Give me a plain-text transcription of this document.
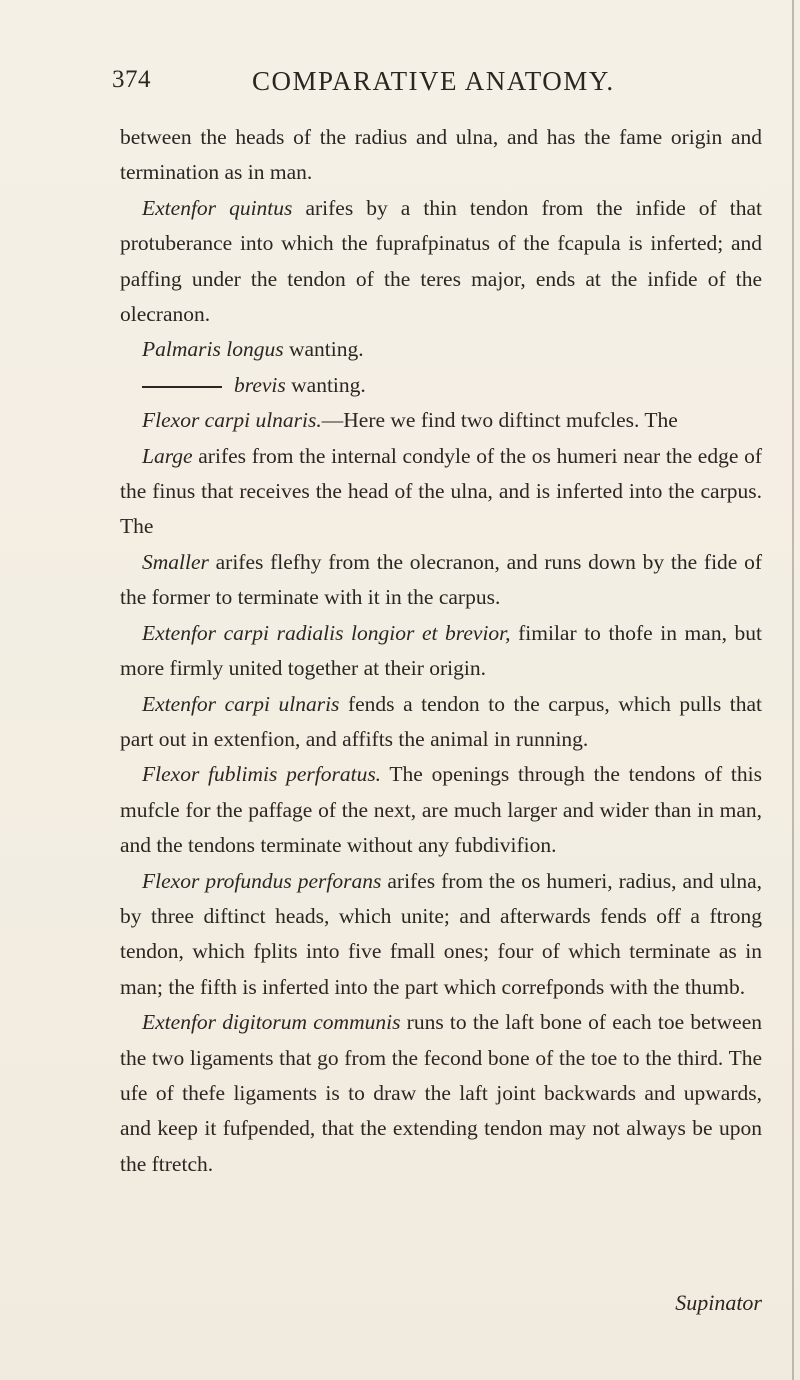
374	COMPARATIVE ANATOMY.

between the heads of the radius and ulna, and has the fame origin and termination as in man.

Extenfor quintus arifes by a thin tendon from the infide of that protuberance into which the fuprafpinatus of the fcapula is inferted; and paffing under the tendon of the teres major, ends at the infide of the olecranon.

Palmaris longus wanting.

brevis wanting.

Flexor carpi ulnaris.—Here we find two diftinct mufcles. The

Large arifes from the internal condyle of the os humeri near the edge of the finus that receives the head of the ulna, and is inferted into the carpus. The

Smaller arifes flefhy from the olecranon, and runs down by the fide of the former to terminate with it in the carpus.

Extenfor carpi radialis longior et brevior, fimilar to thofe in man, but more firmly united together at their origin.

Extenfor carpi ulnaris fends a tendon to the carpus, which pulls that part out in extenfion, and affifts the animal in running.

Flexor fublimis perforatus. The openings through the tendons of this mufcle for the paffage of the next, are much larger and wider than in man, and the tendons terminate without any fubdivifion.

Flexor profundus perforans arifes from the os humeri, radius, and ulna, by three diftinct heads, which unite; and afterwards fends off a ftrong tendon, which fplits into five fmall ones; four of which terminate as in man; the fifth is inferted into the part which correfponds with the thumb.

Extenfor digitorum communis runs to the laft bone of each toe between the two ligaments that go from the fecond bone of the toe to the third. The ufe of thefe ligaments is to draw the laft joint backwards and upwards, and keep it fufpended, that the extending tendon may not always be upon the ftretch.

Supinator
